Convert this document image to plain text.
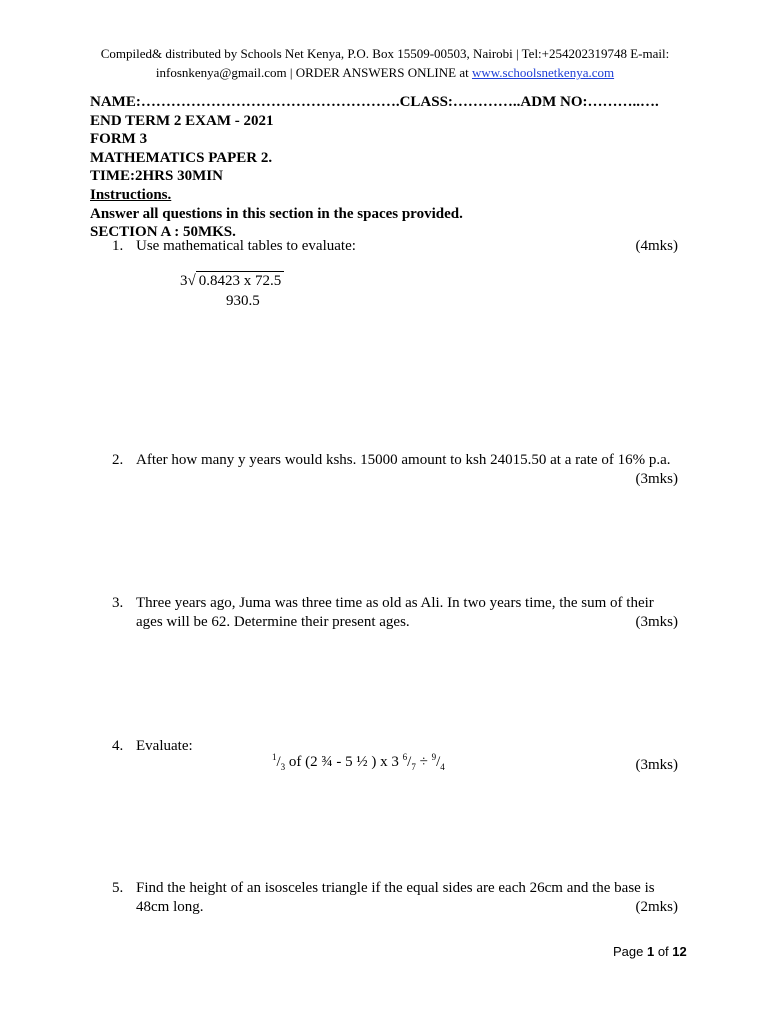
Compiled& distributed by Schools Net Kenya, P.O. Box 15509-00503, Nairobi | Tel:+254202319748 E-mail:
infosnkenya@gmail.com | ORDER ANSWERS ONLINE at www.schoolsnetkenya.com
NAME:…………………………………………….CLASS:…………..ADM NO:………..….
END TERM 2 EXAM - 2021
FORM 3
MATHEMATICS PAPER 2.
TIME:2HRS 30MIN
Instructions.
Answer all questions in this section in the spaces provided.
SECTION A : 50MKS.
1. Use mathematical tables to evaluate:	(4mks)
3√ 0.8423 x 72.5
930.5
2. After how many y years would kshs. 15000 amount to ksh 24015.50 at a rate of 16% p.a.
(3mks)
3. Three years ago, Juma was three time as old as Ali. In two years time, the sum of their
ages will be 62. Determine their present ages.	(3mks)
4. Evaluate:
(3mks)
$^1/_3$ of (2 ¾ - 5 ½ ) x 3 $^6/_7 \div ^9/_4$
5. Find the height of an isosceles triangle if the equal sides are each 26cm and the base is
48cm long.	(2mks)
Page 1 of 12
